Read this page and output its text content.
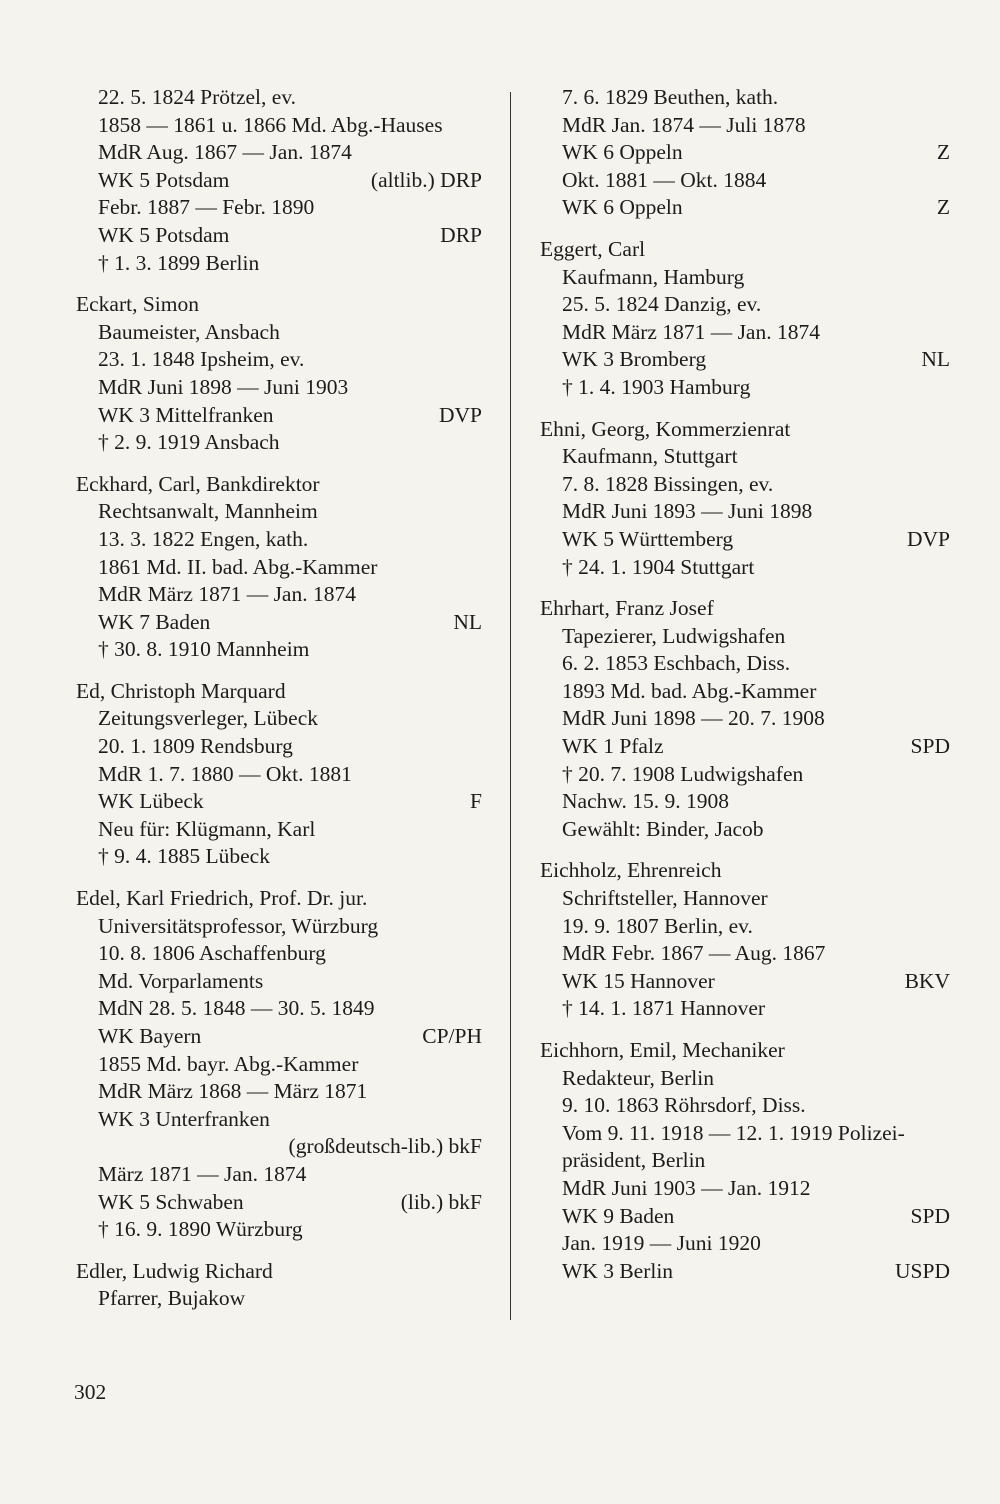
22. 5. 1824 Prötzel, ev.
1858 — 1861 u. 1866 Md. Abg.-Hauses
MdR Aug. 1867 — Jan. 1874
WK 5 Potsdam	(altlib.) DRP
Febr. 1887 — Febr. 1890
WK 5 Potsdam	DRP
† 1. 3. 1899 Berlin
Eckart, Simon
Baumeister, Ansbach
23. 1. 1848 Ipsheim, ev.
MdR Juni 1898 — Juni 1903
WK 3 Mittelfranken	DVP
† 2. 9. 1919 Ansbach
Eckhard, Carl, Bankdirektor
Rechtsanwalt, Mannheim
13. 3. 1822 Engen, kath.
1861 Md. II. bad. Abg.-Kammer
MdR März 1871 — Jan. 1874
WK 7 Baden	NL
† 30. 8. 1910 Mannheim
Ed, Christoph Marquard
Zeitungsverleger, Lübeck
20. 1. 1809 Rendsburg
MdR 1. 7. 1880 — Okt. 1881
WK Lübeck	F
Neu für: Klügmann, Karl
† 9. 4. 1885 Lübeck
Edel, Karl Friedrich, Prof. Dr. jur.
Universitätsprofessor, Würzburg
10. 8. 1806 Aschaffenburg
Md. Vorparlaments
MdN 28. 5. 1848 — 30. 5. 1849
WK Bayern	CP/PH
1855 Md. bayr. Abg.-Kammer
MdR März 1868 — März 1871
WK 3 Unterfranken
(großdeutsch-lib.) bkF
März 1871 — Jan. 1874
WK 5 Schwaben	(lib.) bkF
† 16. 9. 1890 Würzburg
Edler, Ludwig Richard
Pfarrer, Bujakow
7. 6. 1829 Beuthen, kath.
MdR Jan. 1874 — Juli 1878
WK 6 Oppeln	Z
Okt. 1881 — Okt. 1884
WK 6 Oppeln	Z
Eggert, Carl
Kaufmann, Hamburg
25. 5. 1824 Danzig, ev.
MdR März 1871 — Jan. 1874
WK 3 Bromberg	NL
† 1. 4. 1903 Hamburg
Ehni, Georg, Kommerzienrat
Kaufmann, Stuttgart
7. 8. 1828 Bissingen, ev.
MdR Juni 1893 — Juni 1898
WK 5 Württemberg	DVP
† 24. 1. 1904 Stuttgart
Ehrhart, Franz Josef
Tapezierer, Ludwigshafen
6. 2. 1853 Eschbach, Diss.
1893 Md. bad. Abg.-Kammer
MdR Juni 1898 — 20. 7. 1908
WK 1 Pfalz	SPD
† 20. 7. 1908 Ludwigshafen
Nachw. 15. 9. 1908
Gewählt: Binder, Jacob
Eichholz, Ehrenreich
Schriftsteller, Hannover
19. 9. 1807 Berlin, ev.
MdR Febr. 1867 — Aug. 1867
WK 15 Hannover	BKV
† 14. 1. 1871 Hannover
Eichhorn, Emil, Mechaniker
Redakteur, Berlin
9. 10. 1863 Röhrsdorf, Diss.
Vom 9. 11. 1918 — 12. 1. 1919 Polizei-
präsident, Berlin
MdR Juni 1903 — Jan. 1912
WK 9 Baden	SPD
Jan. 1919 — Juni 1920
WK 3 Berlin	USPD
302
